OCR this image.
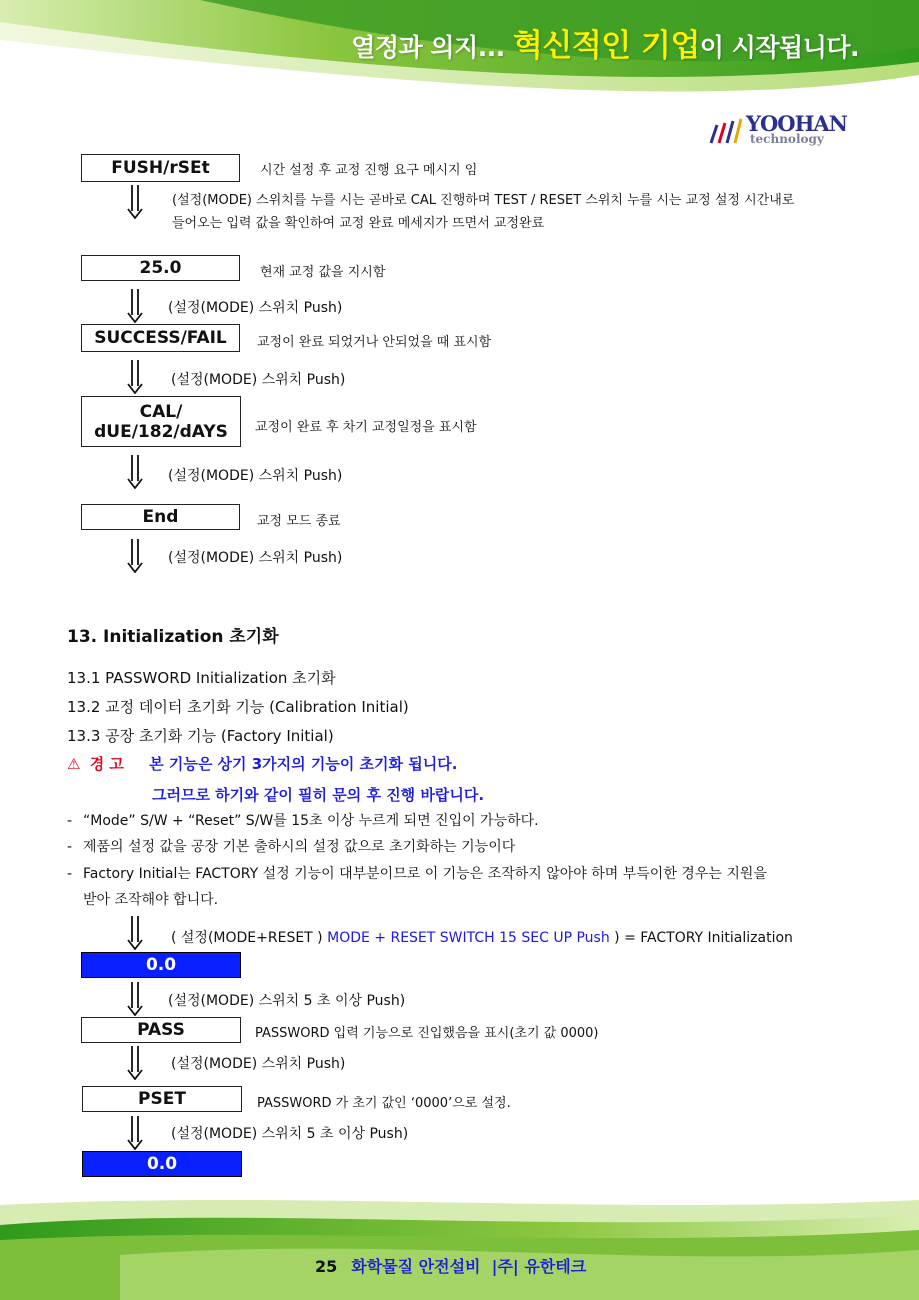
열정과 의지... 혁신적인 기업이 시작됩니다.
YOOHAN
technology
FUSH/rSEt	시간 설정 후 교정 진행 요구 메시지 임
(설정(MODE) 스위치를 누를 시는 곧바로 CAL 진행하며 TEST / RESET 스위치 누를 시는 교정 설정 시간내로
들어오는 입력 값을 확인하여 교정 완료 메세지가 뜨면서 교정완료
25.0	현재 교정 값을 지시함
(설정(MODE) 스위치 Push)
SUCCESS/FAIL	교정이 완료 되었거나 안되었을 때 표시함
(설정(MODE) 스위치 Push)
CAL/
dUE/182/dAYS 교정이 완료 후 차기 교정일정을 표시함
(설정(MODE) 스위치 Push)
End	교정 모드 종료
(설정(MODE) 스위치 Push)
13. Initialization 초기화
13.1 PASSWORD Initialization 초기화
13.2 교정 데이터 초기화 기능 (Calibration Initial)
13.3 공장 초기화 기능 (Factory Initial)
⚠ 경 고 본 기능은 상기 3가지의 기능이 초기화 됩니다.
그러므로 하기와 같이 필히 문의 후 진행 바랍니다.
- “Mode” S/W + “Reset” S/W를 15초 이상 누르게 되면 진입이 가능하다.
- 제품의 설정 값을 공장 기본 출하시의 설정 값으로 초기화하는 기능이다
- Factory Initial는 FACTORY 설정 기능이 대부분이므로 이 기능은 조작하지 않아야 하며 부득이한 경우는 지원을
받아 조작해야 합니다.
( 설정(MODE+RESET ) MODE + RESET SWITCH 15 SEC UP Push ) = FACTORY Initialization
0.0
(설정(MODE) 스위치 5 초 이상 Push)
PASS	PASSWORD 입력 기능으로 진입했음을 표시(초기 값 0000)
(설정(MODE) 스위치 Push)
PSET	PASSWORD 가 초기 값인 ‘0000’으로 설정.
(설정(MODE) 스위치 5 초 이상 Push)
0.0
25 화학물질 안전설비  |주| 유한테크
